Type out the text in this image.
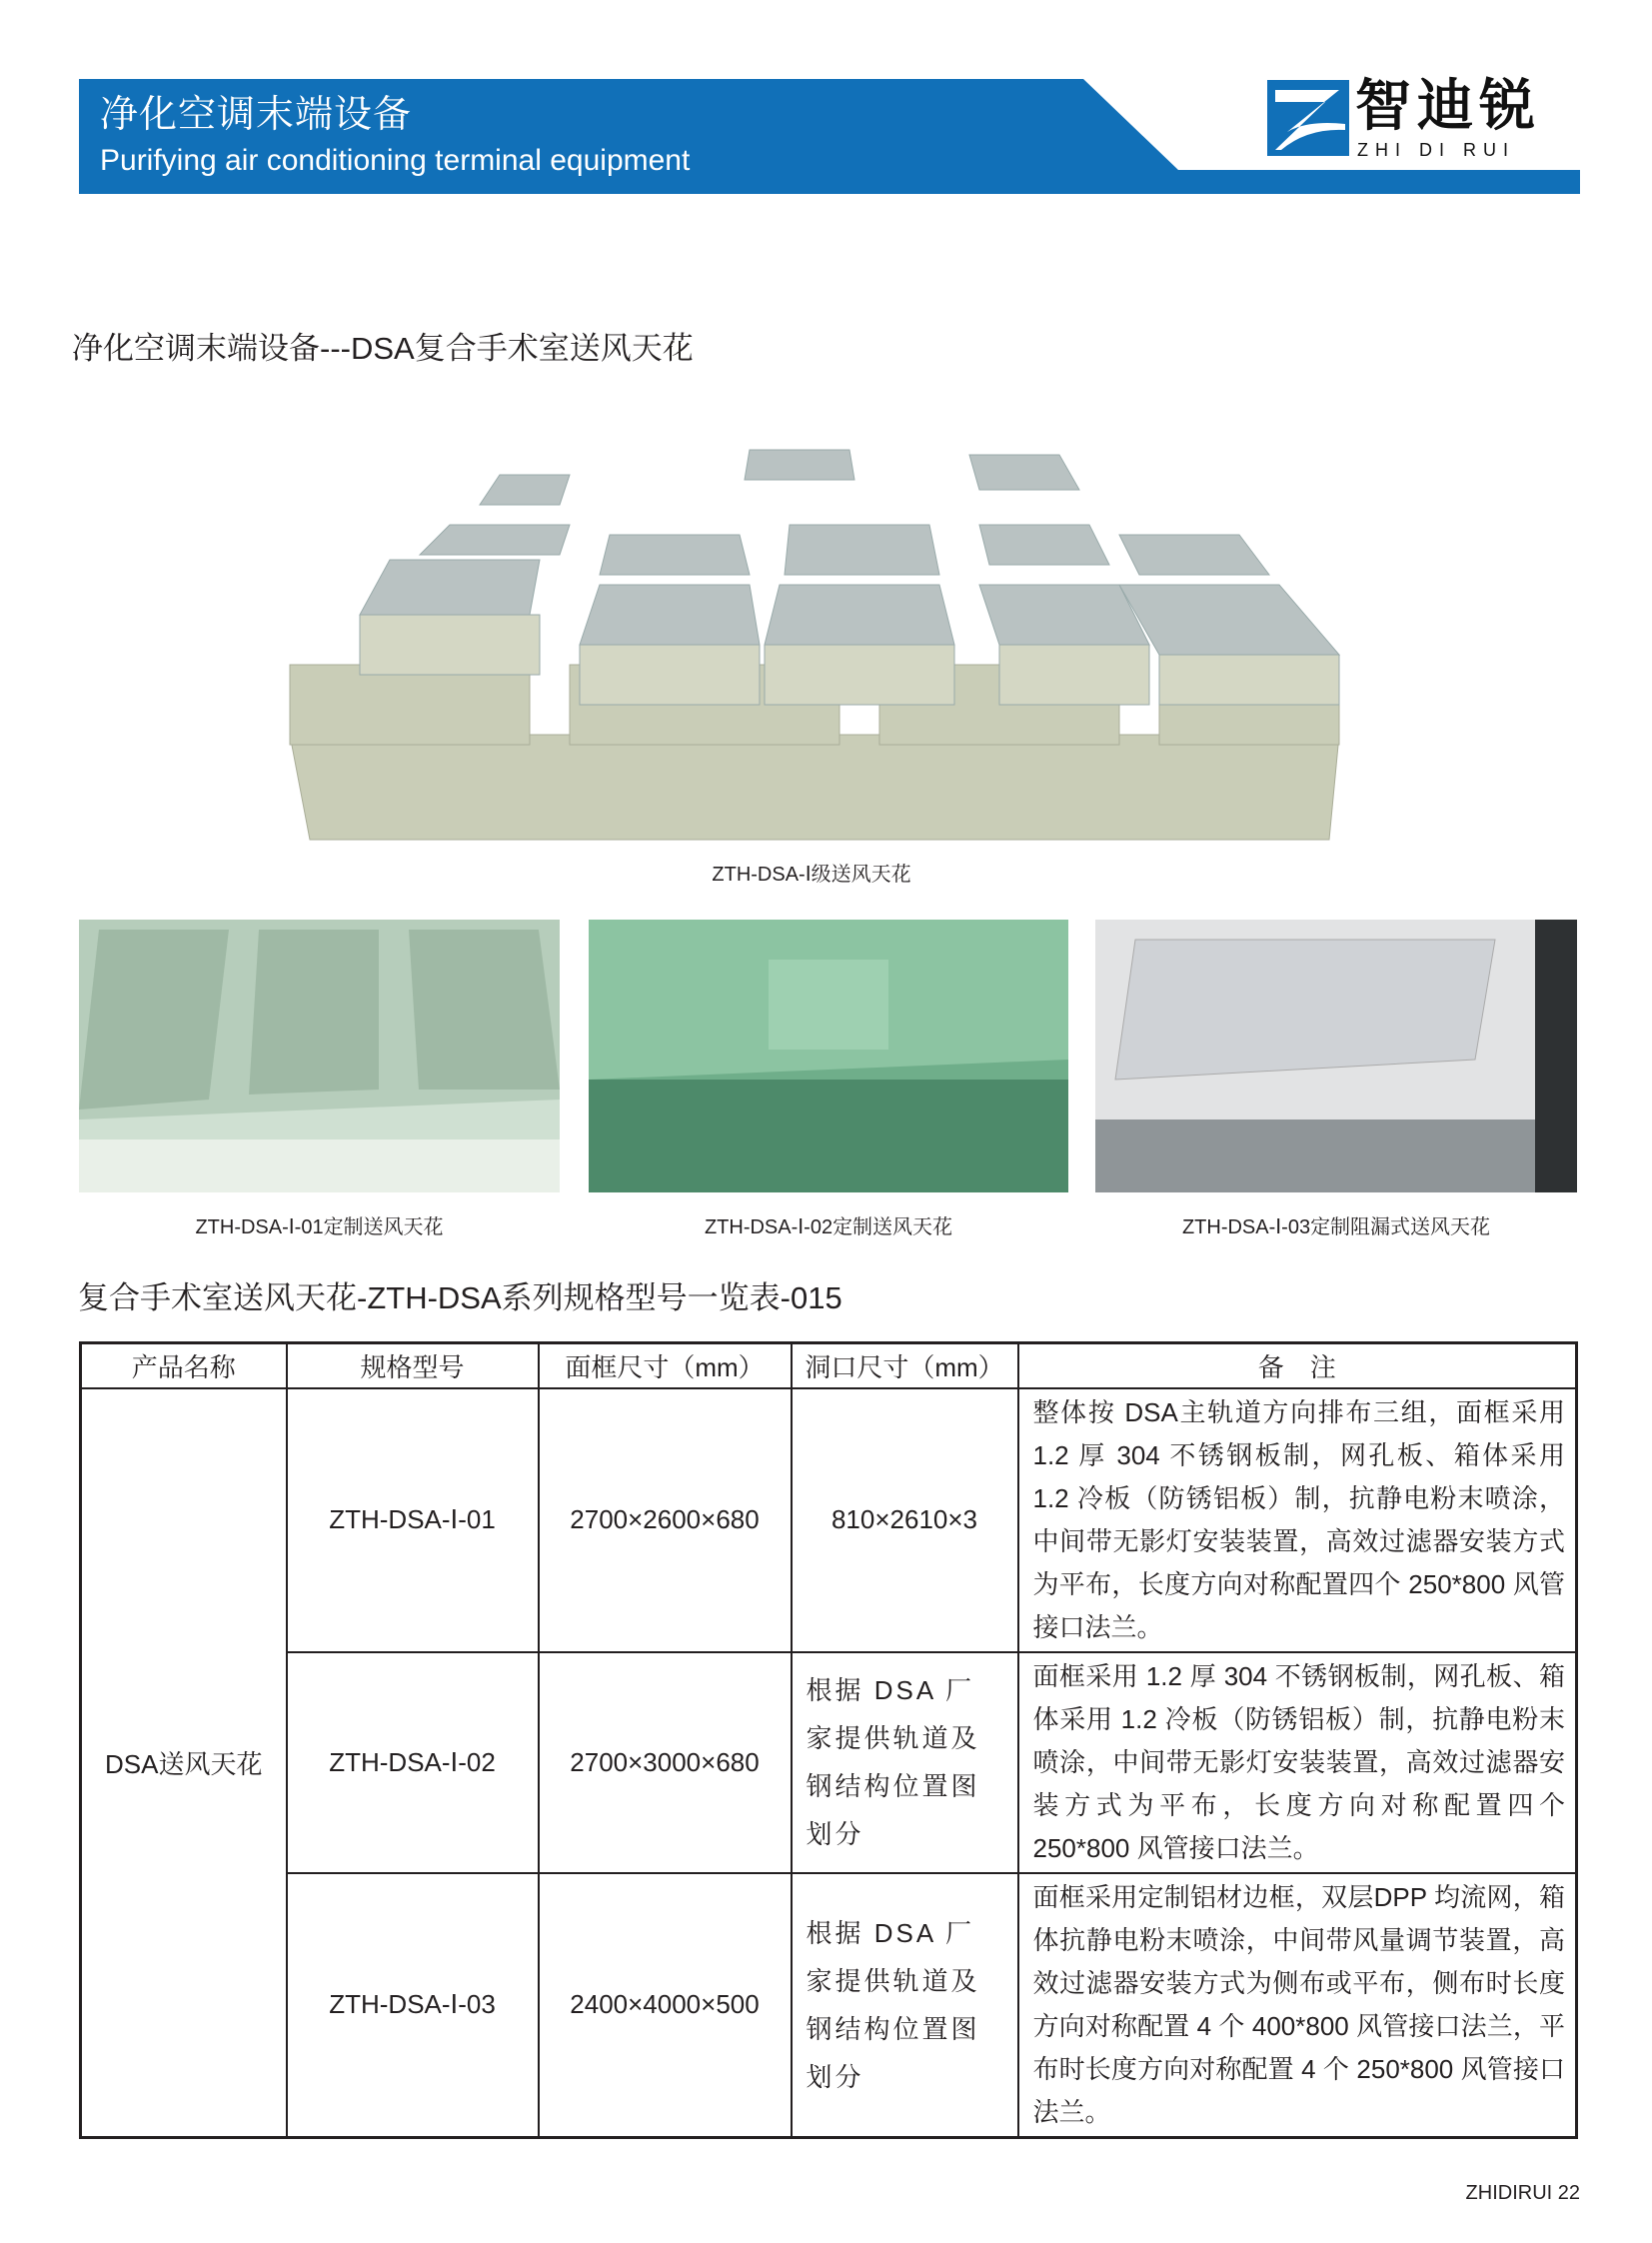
净化空调末端设备
Purifying air conditioning terminal equipment
智迪锐
ZHI DI RUI
净化空调末端设备---DSA复合手术室送风天花
ZTH-DSA-Ⅰ级送风天花
ZTH-DSA-Ⅰ-01定制送风天花	ZTH-DSA-Ⅰ-02定制送风天花	ZTH-DSA-Ⅰ-03定制阻漏式送风天花
复合手术室送风天花-ZTH-DSA系列规格型号一览表-015
产品名称	规格型号	面框尺寸（mm）	洞口尺寸（mm）	备　注
DSA送风天花	ZTH-DSA-Ⅰ-01	2700×2600×680	810×2610×3	整体按 DSA主轨道方向排布三组，面框采用 1.2 厚 304 不锈钢板制，网孔板、箱体采用 1.2 冷板（防锈铝板）制，抗静电粉末喷涂，中间带无影灯安装装置，高效过滤器安装方式为平布，长度方向对称配置四个 250*800 风管接口法兰。
	ZTH-DSA-Ⅰ-02	2700×3000×680	根据 DSA 厂家提供轨道及钢结构位置图划分	面框采用 1.2 厚 304 不锈钢板制，网孔板、箱体采用 1.2 冷板（防锈铝板）制，抗静电粉末喷涂，中间带无影灯安装装置，高效过滤器安装方式为平布，长度方向对称配置四个 250*800 风管接口法兰。
	ZTH-DSA-Ⅰ-03	2400×4000×500	根据 DSA 厂家提供轨道及钢结构位置图划分	面框采用定制铝材边框，双层DPP 均流网，箱体抗静电粉末喷涂，中间带风量调节装置，高效过滤器安装方式为侧布或平布，侧布时长度方向对称配置 4 个 400*800 风管接口法兰，平布时长度方向对称配置 4 个 250*800 风管接口法兰。
ZHIDIRUI 22
